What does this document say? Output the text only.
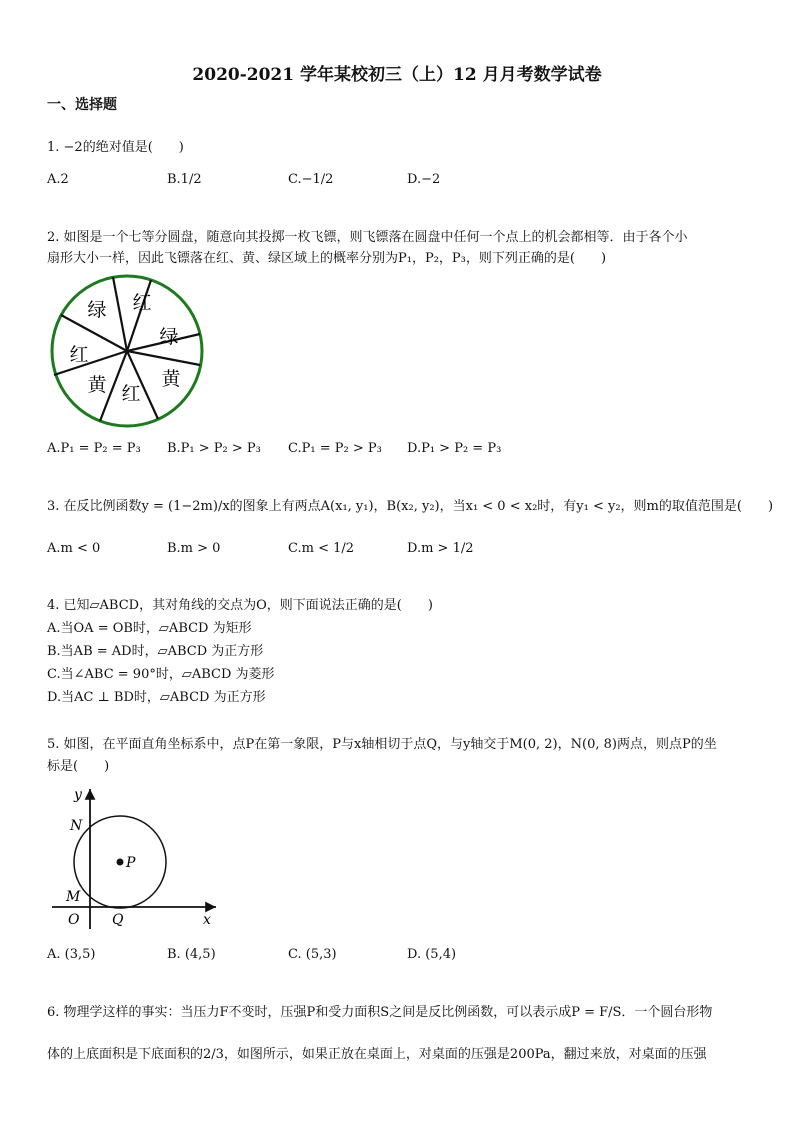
2020-2021 学年某校初三（上）12 月月考数学试卷
一、选择题
1. −2的绝对值是(　　)
A.2	B.1/2	C.−1/2	D.−2
2. 如图是一个七等分圆盘，随意向其投掷一枚飞镖，则飞镖落在圆盘中任何一个点上的机会都相等．由于各个小
扇形大小一样，因此飞镖落在红、黄、绿区域上的概率分别为P₁，P₂，P₃，则下列正确的是(　　)
绿 红
绿
红
黄	黄
红
A.P₁ = P₂ = P₃ B.P₁ > P₂ > P₃ C.P₁ = P₂ > P₃ D.P₁ > P₂ = P₃
3. 在反比例函数y = (1−2m)/x的图象上有两点A(x₁, y₁)，B(x₂, y₂)，当x₁ < 0 < x₂时，有y₁ < y₂，则m的取值范围是(　　)
A.m < 0	B.m > 0	C.m < 1/2	D.m > 1/2
4. 已知▱ABCD，其对角线的交点为O，则下面说法正确的是(　　)
A.当OA = OB时，▱ABCD 为矩形
B.当AB = AD时，▱ABCD 为正方形
C.当∠ABC = 90°时，▱ABCD 为菱形
D.当AC ⊥ BD时，▱ABCD 为正方形
5. 如图，在平面直角坐标系中，点P在第一象限，P与x轴相切于点Q，与y轴交于M(0, 2)，N(0, 8)两点，则点P的坐
标是(　　)
y
N
P
M
O Q	x
A. (3,5)	B. (4,5)	C. (5,3)	D. (5,4)
6. 物理学这样的事实：当压力F不变时，压强P和受力面积S之间是反比例函数，可以表示成P = F/S．一个圆台形物
体的上底面积是下底面积的2/3，如图所示，如果正放在桌面上，对桌面的压强是200Pa，翻过来放，对桌面的压强
